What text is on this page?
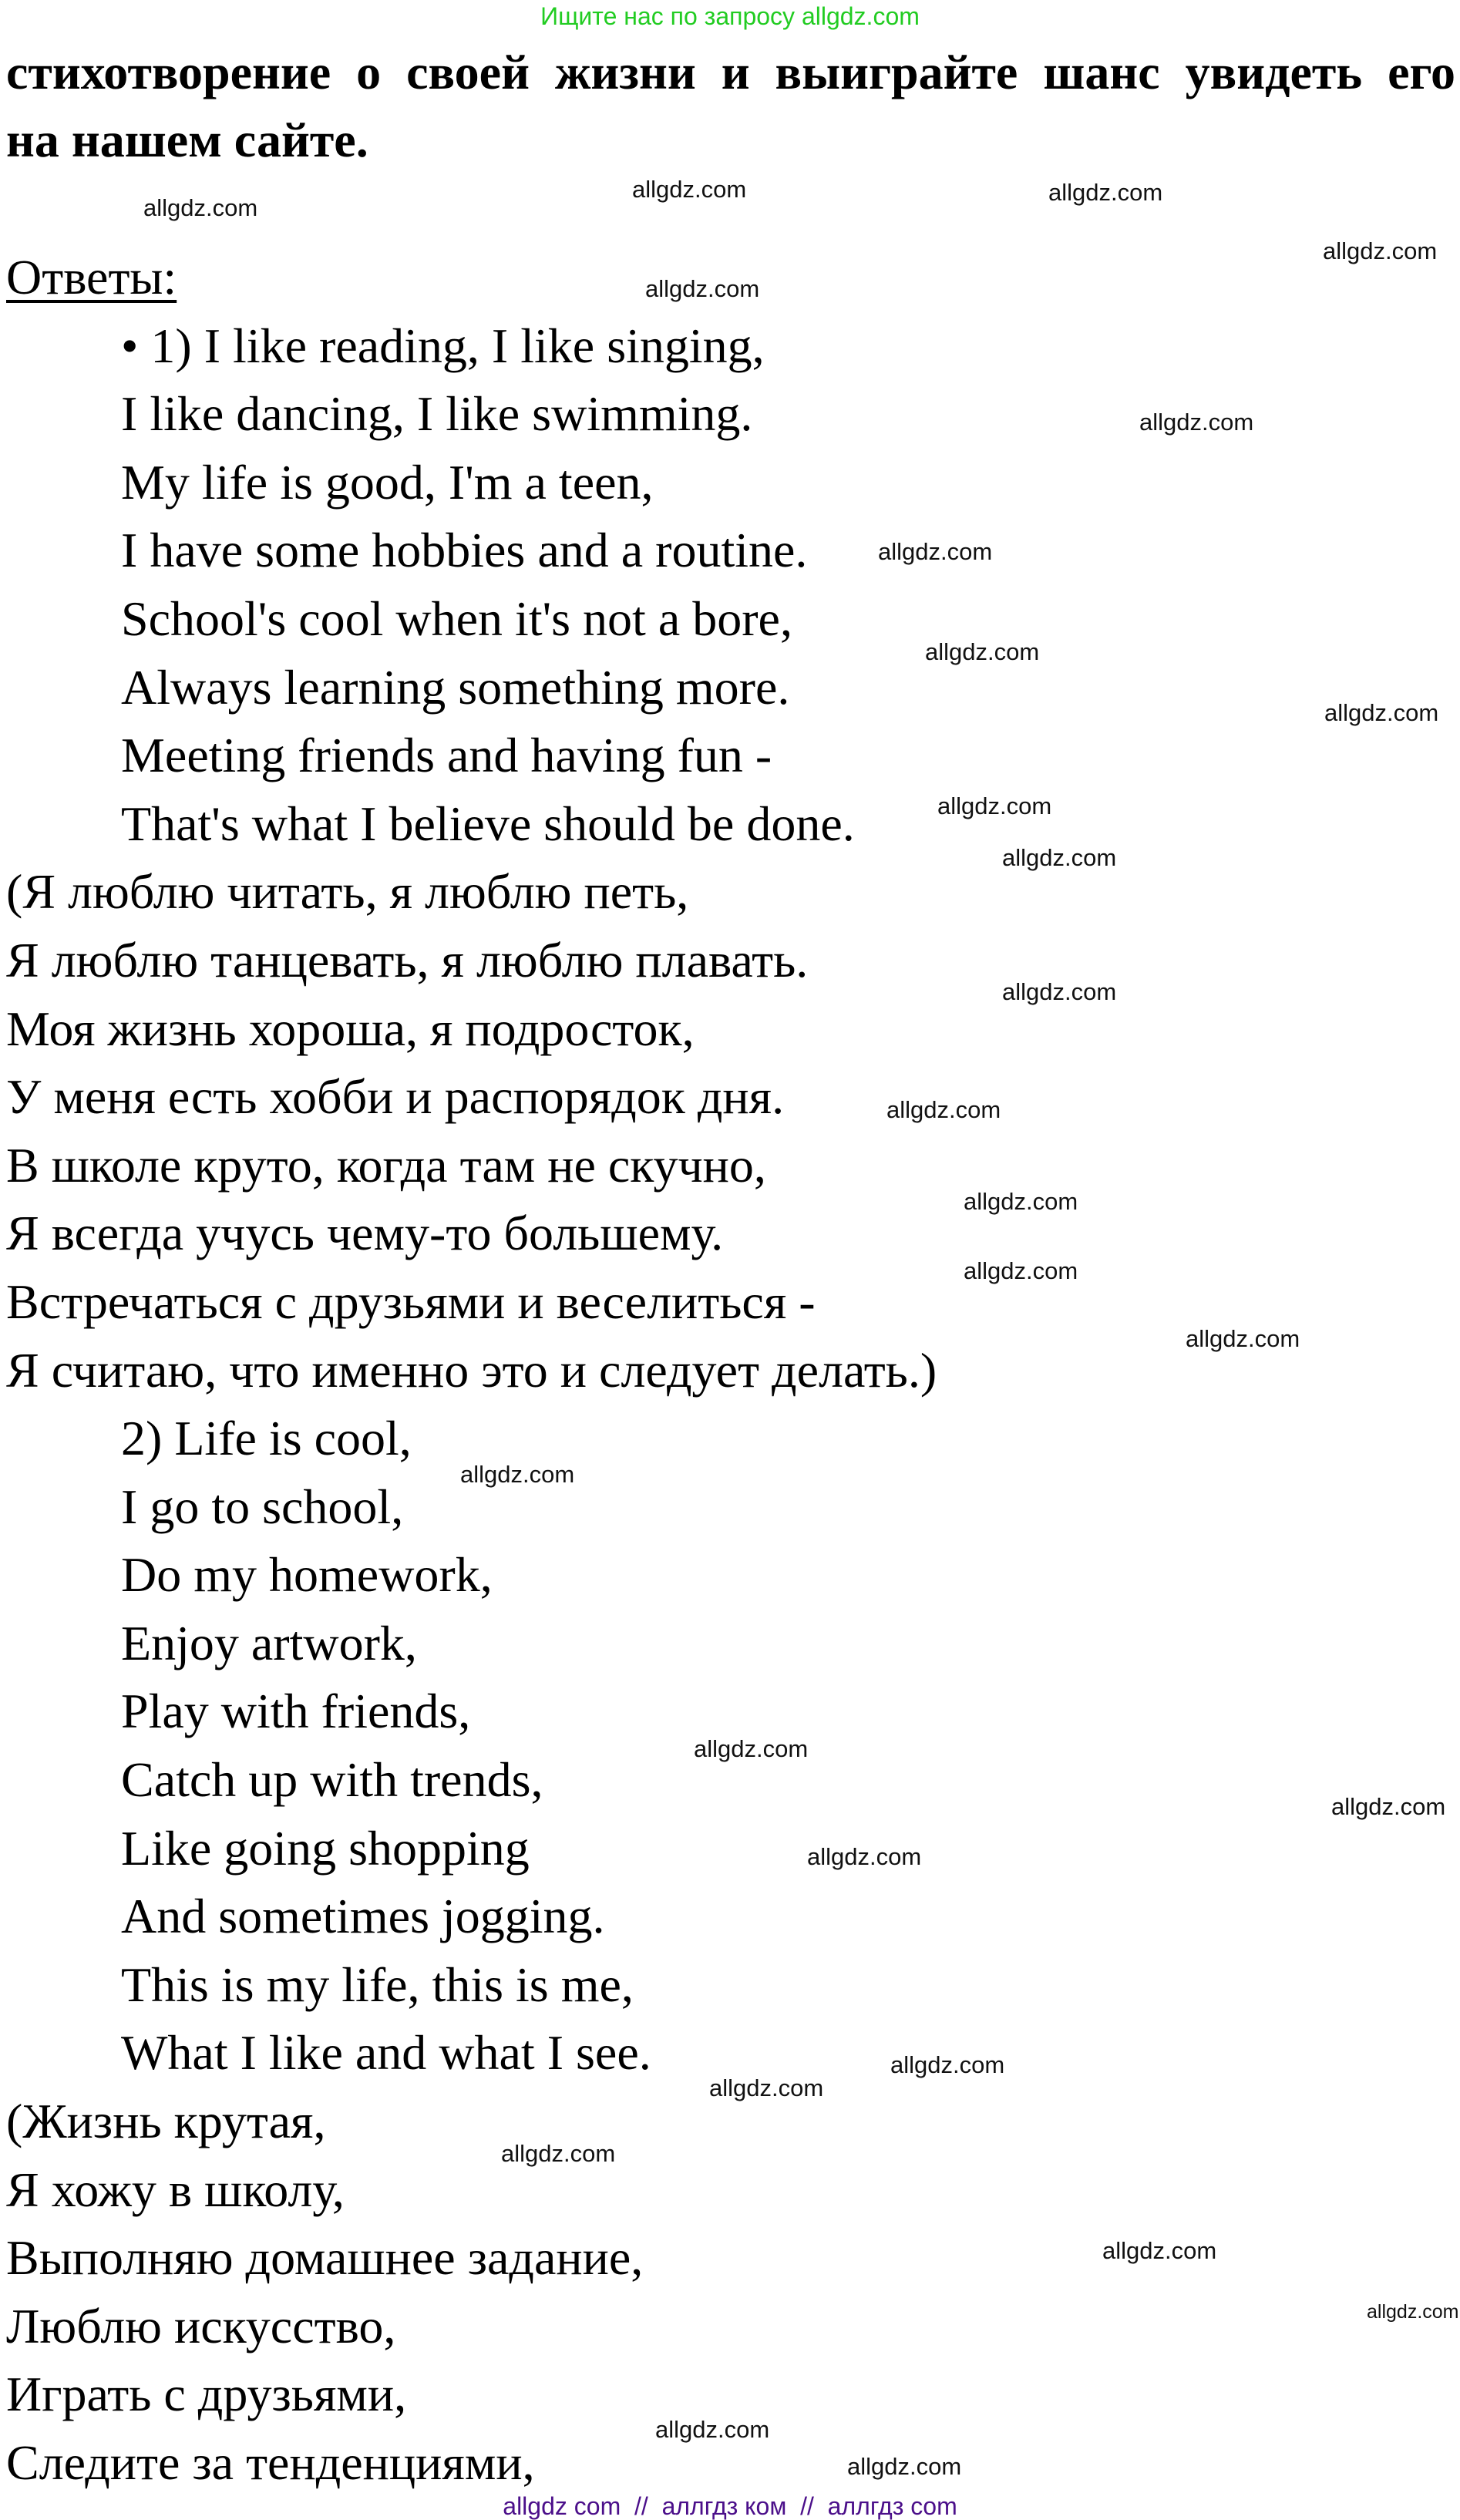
Ищите нас по запросу allgdz.com
стихотворение о своей жизни и выиграйте шанс увидеть его
на нашем сайте.
Ответы:
• 1) I like reading, I like singing,
I like dancing, I like swimming.
My life is good, I'm a teen,
I have some hobbies and a routine.
School's cool when it's not a bore,
Always learning something more.
Meeting friends and having fun -
That's what I believe should be done.
(Я люблю читать, я люблю петь,
Я люблю танцевать, я люблю плавать.
Моя жизнь хороша, я подросток,
У меня есть хобби и распорядок дня.
В школе круто, когда там не скучно,
Я всегда учусь чему-то большему.
Встречаться с друзьями и веселиться -
Я считаю, что именно это и следует делать.)
2) Life is cool,
I go to school,
Do my homework,
Enjoy artwork,
Play with friends,
Catch up with trends,
Like going shopping
And sometimes jogging.
This is my life, this is me,
What I like and what I see.
(Жизнь крутая,
Я хожу в школу,
Выполняю домашнее задание,
Люблю искусство,
Играть с друзьями,
Следите за тенденциями,
allgdz.com	allgdz.com
allgdz.com
allgdz.com
allgdz.com
allgdz.com
allgdz.com
allgdz.com
allgdz.com
allgdz.com
allgdz.com
allgdz.com
allgdz.com
allgdz.com
allgdz.com
allgdz.com
allgdz.com
allgdz.com
allgdz.com
allgdz.com
allgdz.com
allgdz.com
allgdz.com
allgdz.com
allgdz.com
allgdz.com
allgdz.com
allgdz com  //  аллгдз ком  //  аллгдз com
